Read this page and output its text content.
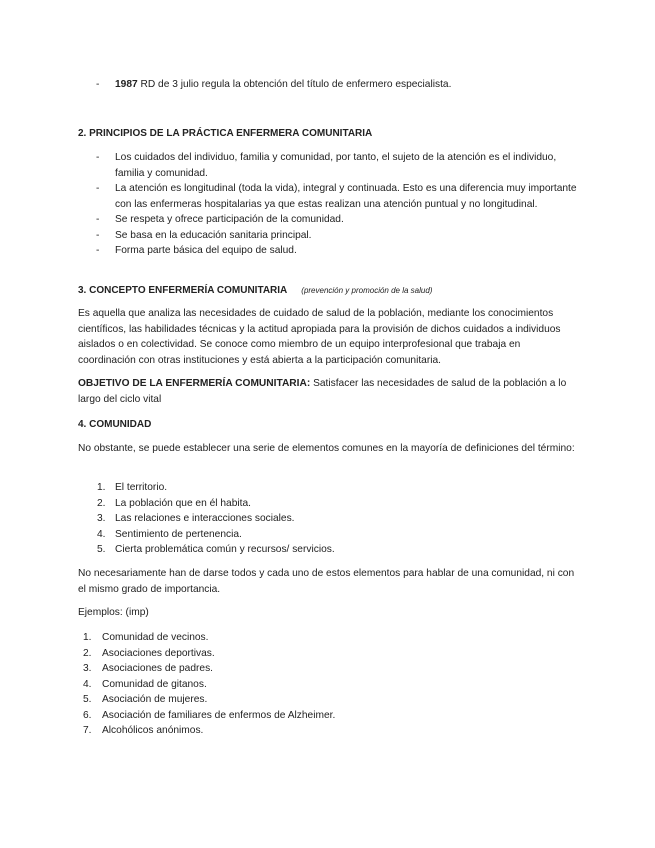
- 1987 RD de 3 julio regula la obtención del título de enfermero especialista.
2. PRINCIPIOS DE LA PRÁCTICA ENFERMERA COMUNITARIA
- Los cuidados del individuo, familia y comunidad, por tanto, el sujeto de la atención es el individuo, familia y comunidad.
- La atención es longitudinal (toda la vida), integral y continuada. Esto es una diferencia muy importante con las enfermeras hospitalarias ya que estas realizan una atención puntual y no longitudinal.
- Se respeta y ofrece participación de la comunidad.
- Se basa en la educación sanitaria principal.
- Forma parte básica del equipo de salud.
3. CONCEPTO ENFERMERÍA COMUNITARIA (prevención y promoción de la salud)
Es aquella que analiza las necesidades de cuidado de salud de la población, mediante los conocimientos científicos, las habilidades técnicas y la actitud apropiada para la provisión de dichos cuidados a individuos aislados o en colectividad. Se conoce como miembro de un equipo interprofesional que trabaja en coordinación con otras instituciones y está abierta a la participación comunitaria.
OBJETIVO DE LA ENFERMERÍA COMUNITARIA: Satisfacer las necesidades de salud de la población a lo largo del ciclo vital
4. COMUNIDAD
No obstante, se puede establecer una serie de elementos comunes en la mayoría de definiciones del término:
1. El territorio.
2. La población que en él habita.
3. Las relaciones e interacciones sociales.
4. Sentimiento de pertenencia.
5. Cierta problemática común y recursos/ servicios.
No necesariamente han de darse todos y cada uno de estos elementos para hablar de una comunidad, ni con el mismo grado de importancia.
Ejemplos: (imp)
1. Comunidad de vecinos.
2. Asociaciones deportivas.
3. Asociaciones de padres.
4. Comunidad de gitanos.
5. Asociación de mujeres.
6. Asociación de familiares de enfermos de Alzheimer.
7. Alcohólicos anónimos.
